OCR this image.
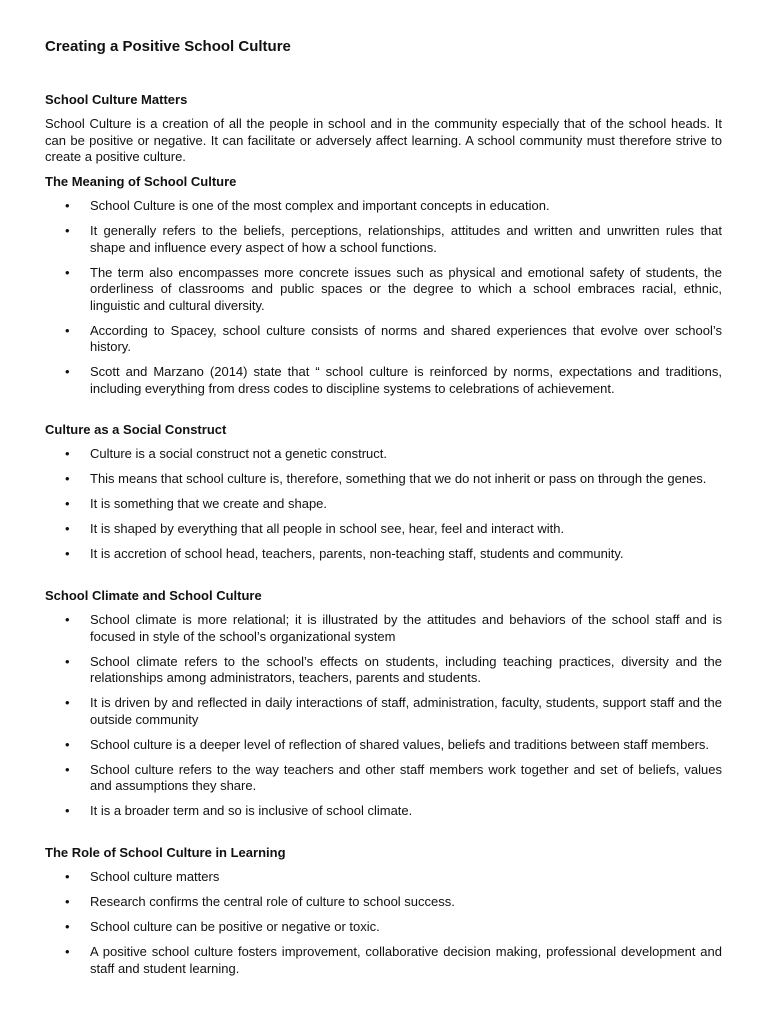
Creating a Positive School Culture
School Culture Matters

School Culture is a creation of all the people in school and in the community especially that of the school heads. It can be positive or negative. It can facilitate or adversely affect learning. A school community must therefore strive to create a positive culture.

The Meaning of School Culture
• School Culture is one of the most complex and important concepts in education.
• It generally refers to the beliefs, perceptions, relationships, attitudes and written and unwritten rules that shape and influence every aspect of how a school functions.
• The term also encompasses more concrete issues such as physical and emotional safety of students, the orderliness of classrooms and public spaces or the degree to which a school embraces racial, ethnic, linguistic and cultural diversity.
• According to Spacey, school culture consists of norms and shared experiences that evolve over school’s history.
• Scott and Marzano (2014) state that “ school culture is reinforced by norms, expectations and traditions, including everything from dress codes to discipline systems to celebrations of achievement.
Culture as a Social Construct
• Culture is a social construct not a genetic construct.
• This means that school culture is, therefore, something that we do not inherit or pass on through the genes.
• It is something that we create and shape.
• It is shaped by everything that all people in school see, hear, feel and interact with.
• It is accretion of school head, teachers, parents, non-teaching staff, students and community.
School Climate and School Culture
• School climate is more relational; it is illustrated by the attitudes and behaviors of the school staff and is focused in style of the school’s organizational system
• School climate refers to the school’s effects on students, including teaching practices, diversity and the relationships among administrators, teachers, parents and students.
• It is driven by and reflected in daily interactions of staff, administration, faculty, students, support staff and the outside community
• School culture is a deeper level of reflection of shared values, beliefs and traditions between staff members.
• School culture refers to the way teachers and other staff members work together and set of beliefs, values and assumptions they share.
• It is a broader term and so is inclusive of school climate.
The Role of School Culture in Learning
• School culture matters
• Research confirms the central role of culture to school success.
• School culture can be positive or negative or toxic.
• A positive school culture fosters improvement, collaborative decision making, professional development and staff and student learning.
